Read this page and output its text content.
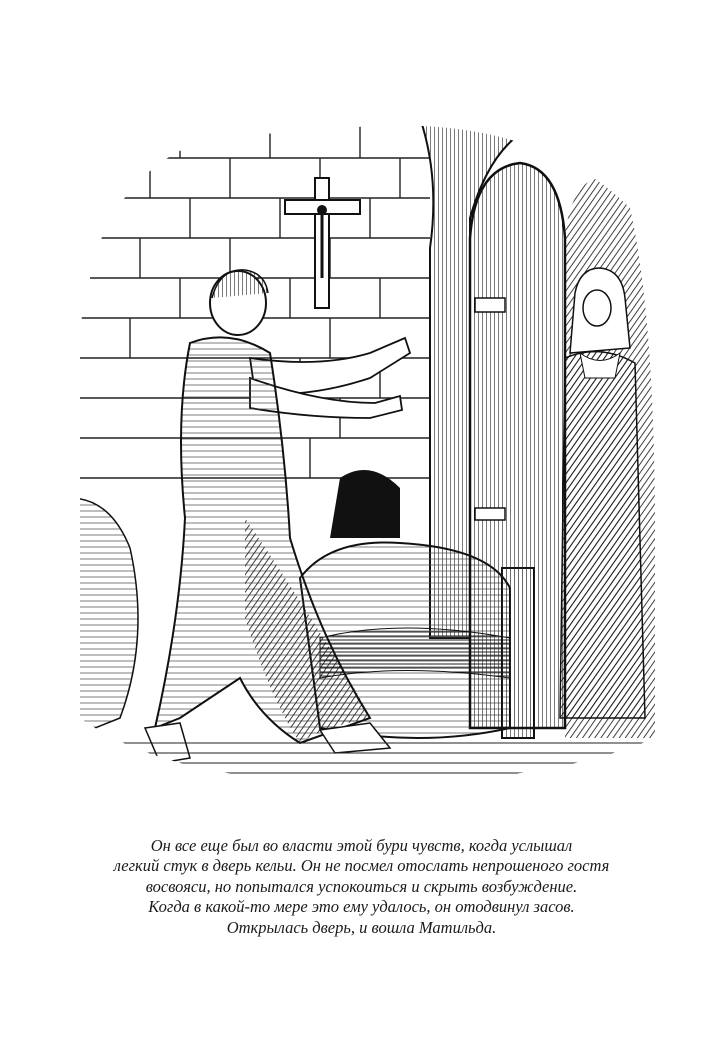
Он все еще был во власти этой бури чувств, когда услышал
легкий стук в дверь кельи. Он не посмел отослать непрошеного гостя
восвояси, но попытался успокоиться и скрыть возбуждение.
Когда в какой-то мере это ему удалось, он отодвинул засов.
Открылась дверь, и вошла Матильда.
